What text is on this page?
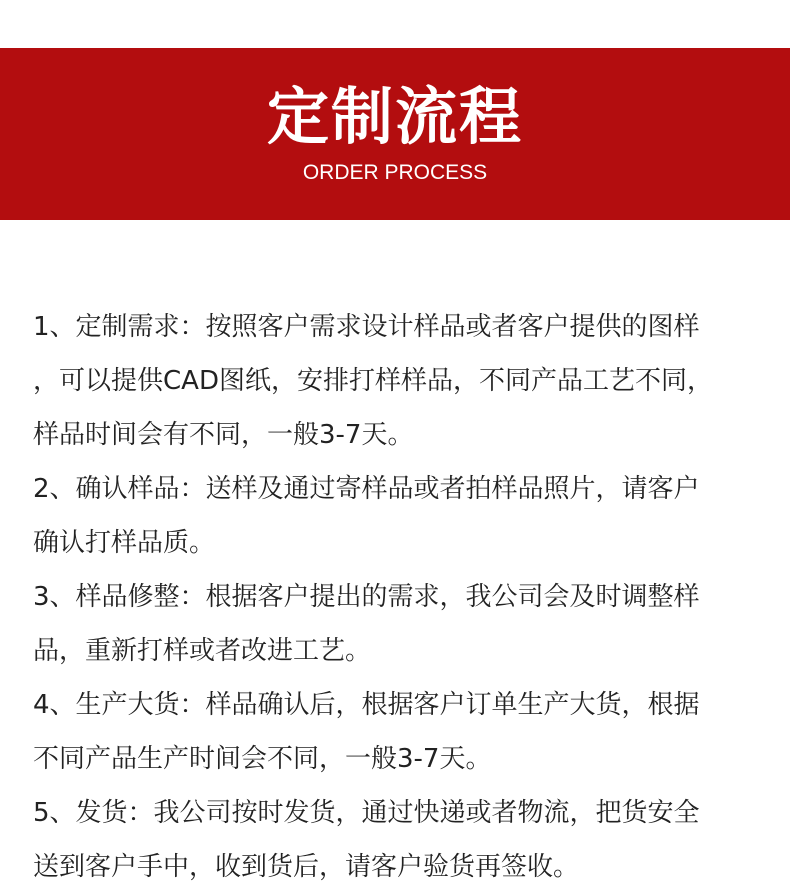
定制流程
ORDER PROCESS
1、定制需求：按照客户需求设计样品或者客户提供的图样
，可以提供CAD图纸，安排打样样品，不同产品工艺不同，
样品时间会有不同，一般3-7天。
2、确认样品：送样及通过寄样品或者拍样品照片，请客户
确认打样品质。
3、样品修整：根据客户提出的需求，我公司会及时调整样
品，重新打样或者改进工艺。
4、生产大货：样品确认后，根据客户订单生产大货，根据
不同产品生产时间会不同，一般3-7天。
5、发货：我公司按时发货，通过快递或者物流，把货安全
送到客户手中，收到货后，请客户验货再签收。
